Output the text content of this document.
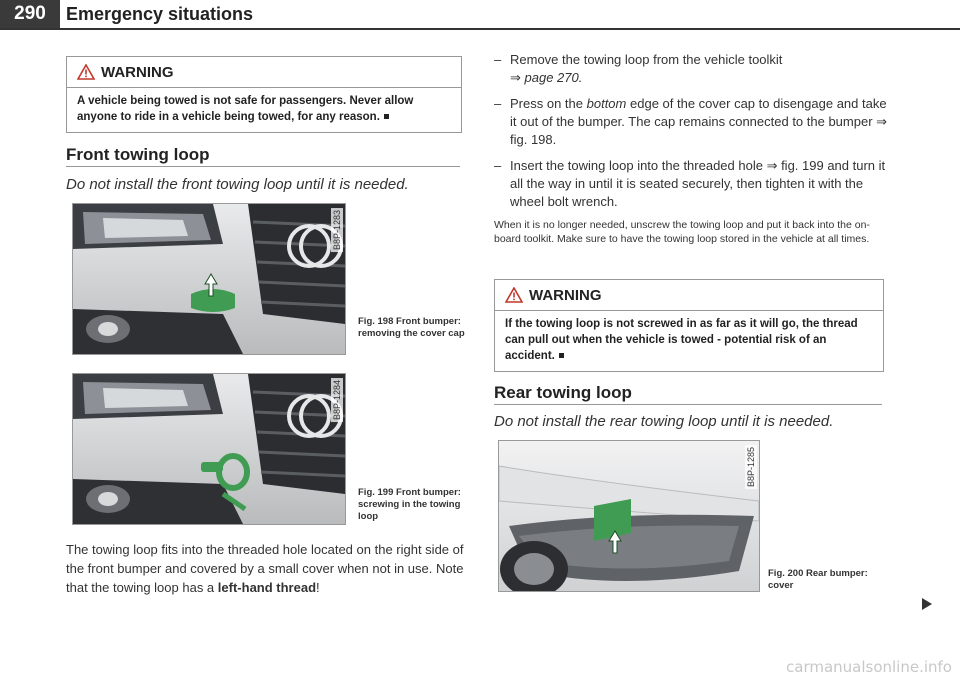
290	Emergency situations
WARNING
A vehicle being towed is not safe for passengers. Never allow anyone to ride in a vehicle being towed, for any reason.
Front towing loop
Do not install the front towing loop until it is needed.
B8P-1283
Fig. 198 Front bumper: removing the cover cap
B8P-1284
Fig. 199 Front bumper: screwing in the towing loop
The towing loop fits into the threaded hole located on the right side of the front bumper and covered by a small cover when not in use. Note that the towing loop has a left-hand thread!
– Remove the towing loop from the vehicle toolkit
⇒ page 270.
– Press on the bottom edge of the cover cap to disengage and take it out of the bumper. The cap remains connected to the bumper ⇒ fig. 198.
– Insert the towing loop into the threaded hole ⇒ fig. 199 and turn it all the way in until it is seated securely, then tighten it with the wheel bolt wrench.
When it is no longer needed, unscrew the towing loop and put it back into the on-board toolkit. Make sure to have the towing loop stored in the vehicle at all times.
WARNING
If the towing loop is not screwed in as far as it will go, the thread can pull out when the vehicle is towed - potential risk of an accident.
Rear towing loop
Do not install the rear towing loop until it is needed.
B8P-1285
Fig. 200 Rear bumper: cover
carmanualsonline.info
